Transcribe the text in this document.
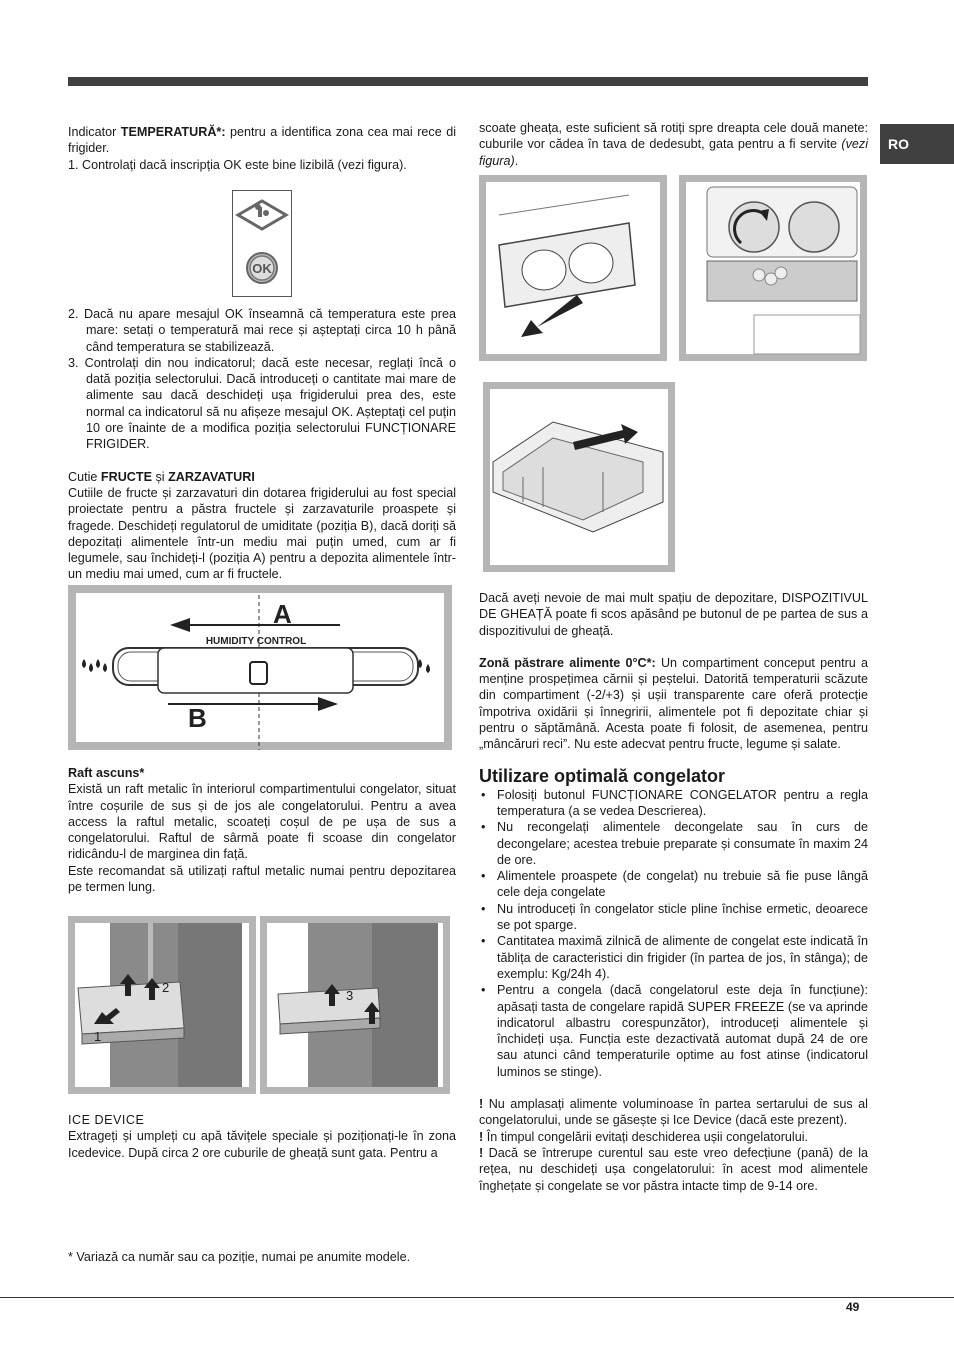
RO

Indicator TEMPERATURĂ*: pentru a identifica zona cea mai rece di frigider.

1. Controlați dacă inscripția OK este bine lizibilă (vezi figura).

OK

2. Dacă nu apare mesajul OK înseamnă că temperatura este prea mare: setați o temperatură mai rece și așteptați circa 10 h până când temperatura se stabilizează.

3. Controlați din nou indicatorul; dacă este necesar, reglați încă o dată poziția selectorului. Dacă introduceți o cantitate mai mare de alimente sau dacă deschideți ușa frigiderului prea des, este normal ca indicatorul să nu afișeze mesajul OK. Așteptați cel puțin 10 ore înainte de a modifica poziția selectorului FUNCȚIONARE FRIGIDER.

Cutie FRUCTE și ZARZAVATURI

Cutiile de fructe și zarzavaturi din dotarea frigiderului au fost special proiectate pentru a păstra fructele și zarzavaturile proaspete și fragede. Deschideți regulatorul de umiditate (poziția B), dacă doriți să depozitați alimentele într-un mediu mai puțin umed, cum ar fi legumele, sau închideți-l (poziția A) pentru a depozita alimentele într-un mediu mai umed, cum ar fi fructele.

A
HUMIDITY CONTROL
B

Raft ascuns*

Există un raft metalic în interiorul compartimentului congelator, situat între coșurile de sus și de jos ale congelatorului. Pentru a avea access la raftul metalic, scoateți coșul de pe ușa de sus a congelatorului. Raftul de sârmă poate fi scoase din congelator ridicându-l de marginea din față.

Este recomandat să utilizați raftul metalic numai pentru depozitarea pe termen lung.

2
1
3

ICE DEVICE

Extrageți și umpleți cu apă tăvițele speciale și poziționați-le în zona Icedevice. După circa 2 ore cuburile de gheață sunt gata. Pentru a

scoate gheața, este suficient să rotiți spre dreapta cele două manete: cuburile vor cădea în tava de dedesubt, gata pentru a fi servite (vezi figura).

Dacă aveți nevoie de mai mult spațiu de depozitare, DISPOZITIVUL DE GHEAȚĂ poate fi scos apăsând pe butonul de pe partea de sus a dispozitivului de gheață.

Zonă păstrare alimente 0°C*: Un compartiment conceput pentru a menține prospețimea cărnii și peștelui. Datorită temperaturii scăzute din compartiment (-2/+3) și ușii transparente care oferă protecție împotriva oxidării și înnegririi, alimentele pot fi depozitate chiar și pentru o săptămână. Acesta poate fi folosit, de asemenea, pentru „mâncăruri reci”. Nu este adecvat pentru fructe, legume și salate.

Utilizare optimală congelator

• Folosiți butonul FUNCȚIONARE CONGELATOR pentru a regla temperatura (a se vedea Descrierea).

• Nu recongelați alimentele decongelate sau în curs de decongelare; acestea trebuie preparate și consumate în maxim 24 de ore.

• Alimentele proaspete (de congelat) nu trebuie să fie puse lângă cele deja congelate

• Nu introduceți în congelator sticle pline închise ermetic, deoarece se pot sparge.

• Cantitatea maximă zilnică de alimente de congelat este indicată în tăblița de caracteristici din frigider (în partea de jos, în stânga); de exemplu: Kg/24h 4).

• Pentru a congela (dacă congelatorul este deja în funcțiune): apăsați tasta de congelare rapidă SUPER FREEZE (se va aprinde indicatorul albastru corespunzător), introduceți alimentele și închideți ușa. Funcția este dezactivată automat după 24 de ore sau atunci când temperaturile optime au fost atinse (indicatorul luminos se stinge).

! Nu amplasați alimente voluminoase în partea sertarului de sus al congelatorului, unde se găsește și Ice Device (dacă este prezent).

! În timpul congelării evitați deschiderea ușii congelatorului.

! Dacă se întrerupe curentul sau este vreo defecțiune (pană) de la rețea, nu deschideți ușa congelatorului: în acest mod alimentele înghețate și congelate se vor păstra intacte timp de 9-14 ore.

* Variază ca număr sau ca poziție, numai pe anumite modele.
49
